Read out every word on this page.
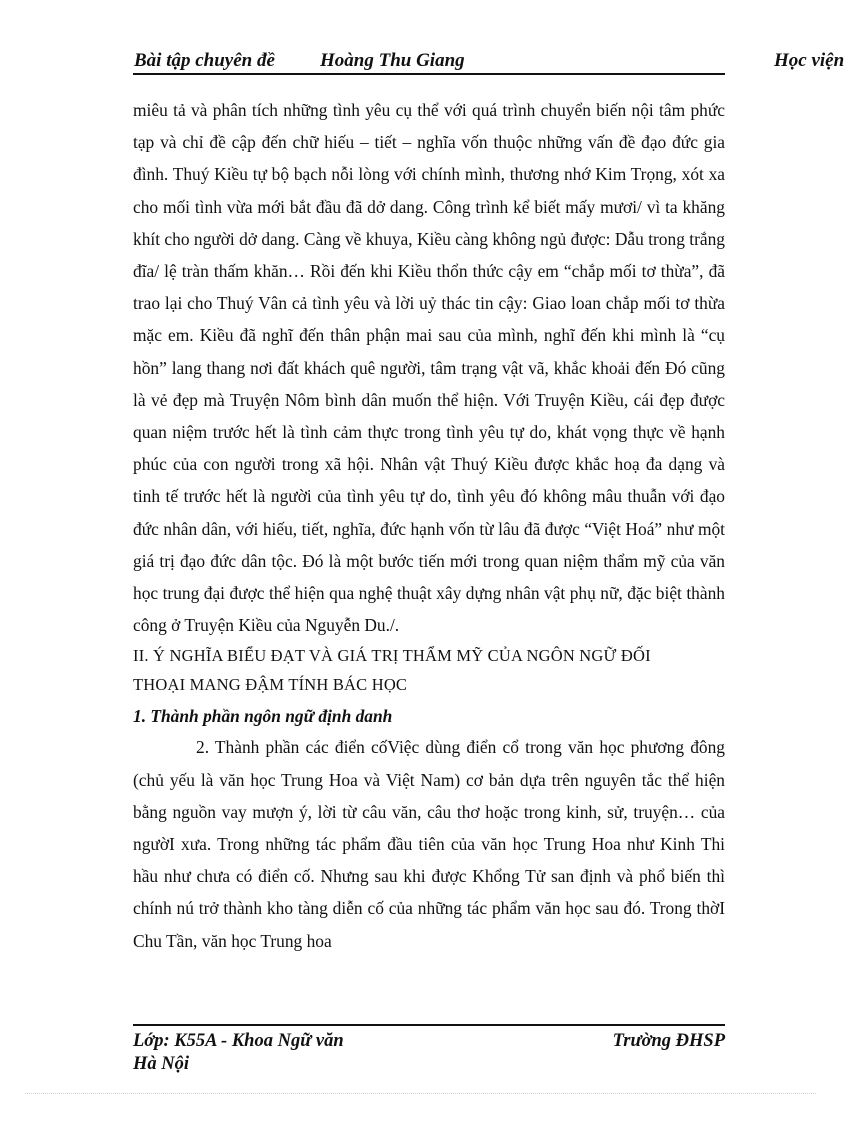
Bài tập chuyên đề Hoàng Thu Giang	Học viện

miêu tả và phân tích những tình yêu cụ thể với quá trình chuyển biến nội tâm phức tạp và chỉ đề cập đến chữ hiếu – tiết – nghĩa vốn thuộc những vấn đề đạo đức gia đình. Thuý Kiều tự bộ bạch nỗi lòng với chính mình, thương nhớ Kim Trọng, xót xa cho mối tình vừa mới bắt đầu đã dở dang. Công trình kể biết mấy mươi/ vì ta khăng khít cho người dở dang. Càng về khuya, Kiều càng không ngủ được: Dẫu trong trắng đĩa/ lệ tràn thấm khăn… Rồi đến khi Kiều thổn thức cậy em “chắp mối tơ thừa”, đã trao lại cho Thuý Vân cả tình yêu và lời uỷ thác tin cậy: Giao loan chắp mối tơ thừa mặc em. Kiều đã nghĩ đến thân phận mai sau của mình, nghĩ đến khi mình là “cụ hồn” lang thang nơi đất khách quê người, tâm trạng vật vã, khắc khoải đến Đó cũng là vẻ đẹp mà Truyện Nôm bình dân muốn thể hiện. Với Truyện Kiều, cái đẹp được quan niệm trước hết là tình cảm thực trong tình yêu tự do, khát vọng thực về hạnh phúc của con người trong xã hội. Nhân vật Thuý Kiều được khắc hoạ đa dạng và tinh tế trước hết là người của tình yêu tự do, tình yêu đó không mâu thuẫn với đạo đức nhân dân, với hiếu, tiết, nghĩa, đức hạnh vốn từ lâu đã được “Việt Hoá” như một giá trị đạo đức dân tộc. Đó là một bước tiến mới trong quan niệm thẩm mỹ của văn học trung đại được thể hiện qua nghệ thuật xây dựng nhân vật phụ nữ, đặc biệt thành công ở Truyện Kiều của Nguyễn Du./.

II. Ý NGHĨA BIỂU ĐẠT VÀ GIÁ TRỊ THẨM MỸ CỦA NGÔN NGỮ ĐỐI

THOẠI MANG ĐẬM TÍNH BÁC HỌC

1. Thành phần ngôn ngữ định danh

2. Thành phần các điển cốViệc dùng điển cổ trong văn học phương đông (chủ yếu là văn học Trung Hoa và Việt Nam) cơ bản dựa trên nguyên tắc thể hiện bằng nguồn vay mượn ý, lời từ câu văn, câu thơ hoặc trong kinh, sử, truyện… của ngườI xưa. Trong những tác phẩm đầu tiên của văn học Trung Hoa như Kinh Thi hầu như chưa có điển cố. Nhưng sau khi được Khổng Tử san định và phổ biến thì chính nú trở thành kho tàng diễn cố của những tác phẩm văn học sau đó. Trong thờI Chu Tần, văn học Trung hoa

Lớp: K55A - Khoa Ngữ văn	Trường ĐHSP
Hà Nội
